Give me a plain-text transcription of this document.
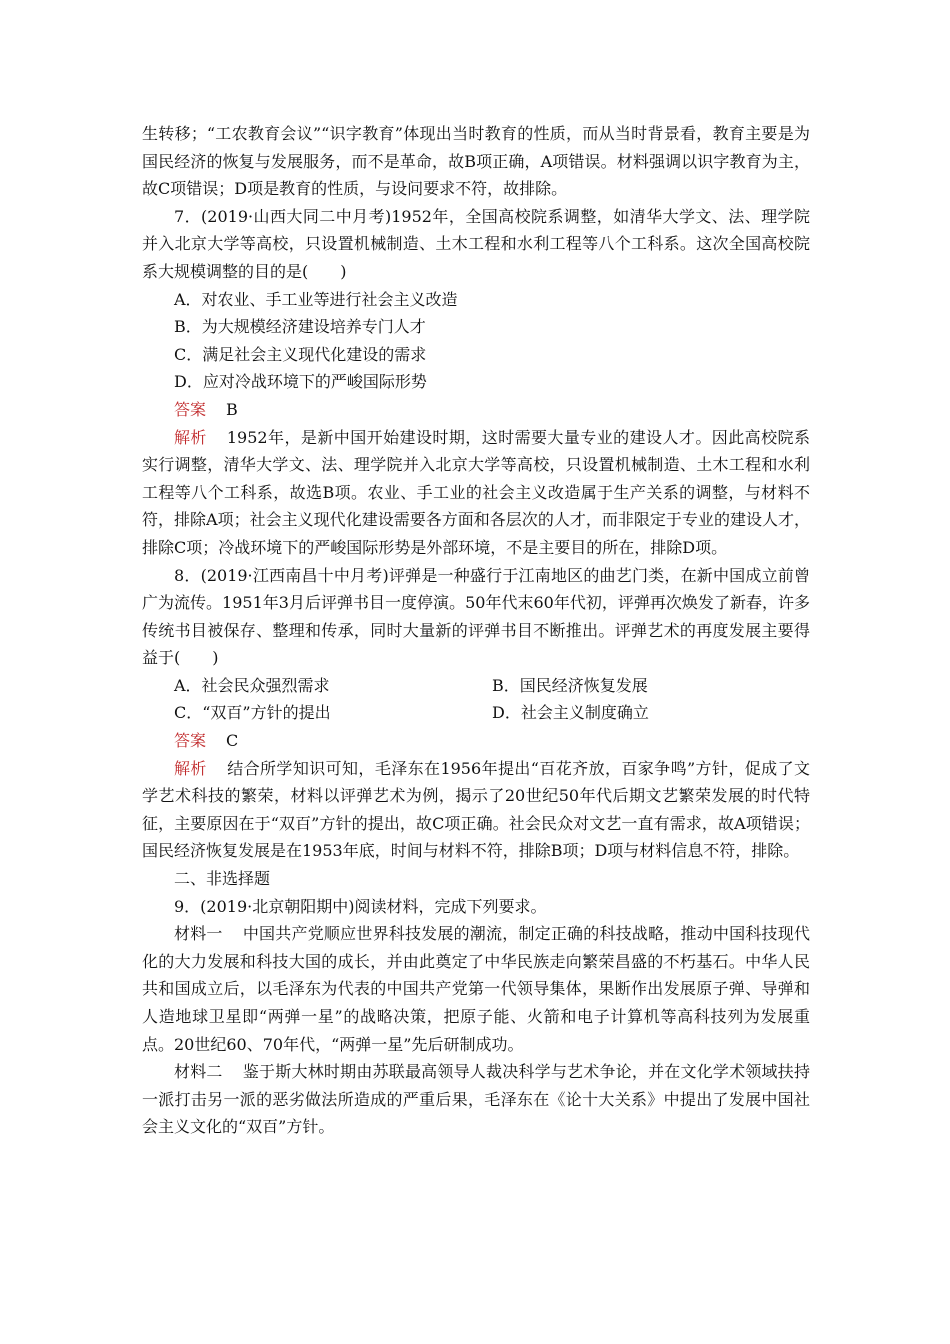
生转移；“工农教育会议”“识字教育”体现出当时教育的性质，而从当时背景看，教育主要是为国民经济的恢复与发展服务，而不是革命，故B项正确，A项错误。材料强调以识字教育为主，故C项错误；D项是教育的性质，与设问要求不符，故排除。

7．(2019·山西大同二中月考)1952年，全国高校院系调整，如清华大学文、法、理学院并入北京大学等高校，只设置机械制造、土木工程和水利工程等八个工科系。这次全国高校院系大规模调整的目的是(　　)

A．对农业、手工业等进行社会主义改造

B．为大规模经济建设培养专门人才

C．满足社会主义现代化建设的需求

D．应对冷战环境下的严峻国际形势

答案 B

解析 1952年，是新中国开始建设时期，这时需要大量专业的建设人才。因此高校院系实行调整，清华大学文、法、理学院并入北京大学等高校，只设置机械制造、土木工程和水利工程等八个工科系，故选B项。农业、手工业的社会主义改造属于生产关系的调整，与材料不符，排除A项；社会主义现代化建设需要各方面和各层次的人才，而非限定于专业的建设人才，排除C项；冷战环境下的严峻国际形势是外部环境，不是主要目的所在，排除D项。

8．(2019·江西南昌十中月考)评弹是一种盛行于江南地区的曲艺门类，在新中国成立前曾广为流传。1951年3月后评弹书目一度停演。50年代末60年代初，评弹再次焕发了新春，许多传统书目被保存、整理和传承，同时大量新的评弹书目不断推出。评弹艺术的再度发展主要得益于(　　)

A．社会民众强烈需求	B．国民经济恢复发展
C．“双百”方针的提出	D．社会主义制度确立

答案 C

解析 结合所学知识可知，毛泽东在1956年提出“百花齐放，百家争鸣”方针，促成了文学艺术科技的繁荣，材料以评弹艺术为例，揭示了20世纪50年代后期文艺繁荣发展的时代特征，主要原因在于“双百”方针的提出，故C项正确。社会民众对文艺一直有需求，故A项错误；国民经济恢复发展是在1953年底，时间与材料不符，排除B项；D项与材料信息不符，排除。

二、非选择题

9．(2019·北京朝阳期中)阅读材料，完成下列要求。

材料一 中国共产党顺应世界科技发展的潮流，制定正确的科技战略，推动中国科技现代化的大力发展和科技大国的成长，并由此奠定了中华民族走向繁荣昌盛的不朽基石。中华人民共和国成立后，以毛泽东为代表的中国共产党第一代领导集体，果断作出发展原子弹、导弹和人造地球卫星即“两弹一星”的战略决策，把原子能、火箭和电子计算机等高科技列为发展重点。20世纪60、70年代，“两弹一星”先后研制成功。

材料二 鉴于斯大林时期由苏联最高领导人裁决科学与艺术争论，并在文化学术领域扶持一派打击另一派的恶劣做法所造成的严重后果，毛泽东在《论十大关系》中提出了发展中国社会主义文化的“双百”方针。
